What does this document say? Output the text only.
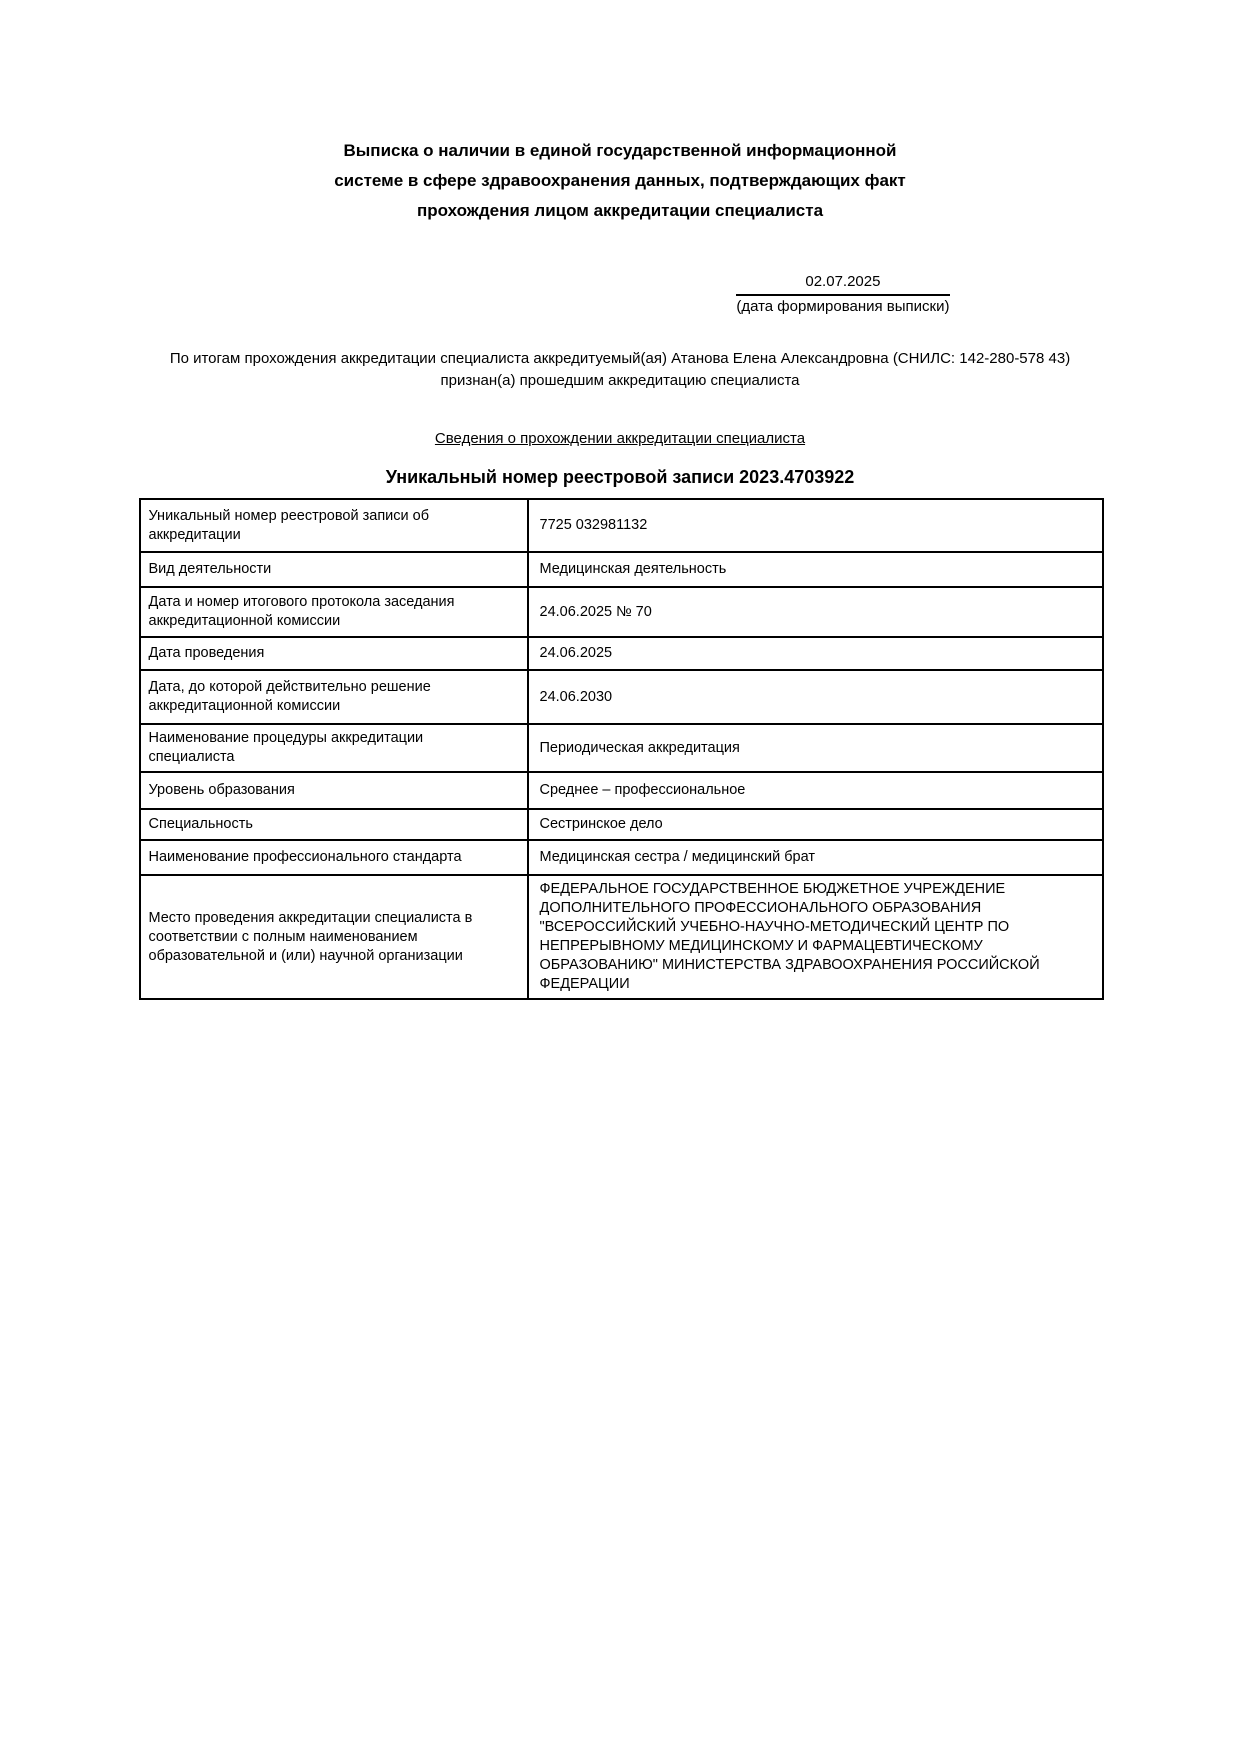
Выписка о наличии в единой государственной информационной
системе в сфере здравоохранения данных, подтверждающих факт
прохождения лицом аккредитации специалиста
02.07.2025
(дата формирования выписки)

По итогам прохождения аккредитации специалиста аккредитуемый(ая) Атанова Елена Александровна (СНИЛС: 142-280-578 43) признан(а) прошедшим аккредитацию специалиста

Сведения о прохождении аккредитации специалиста
Уникальный номер реестровой записи 2023.4703922
Уникальный номер реестровой записи об аккредитации	7725 032981132
Вид деятельности	Медицинская деятельность
Дата и номер итогового протокола заседания аккредитационной комиссии	24.06.2025 № 70
Дата проведения	24.06.2025
Дата, до которой действительно решение аккредитационной комиссии	24.06.2030
Наименование процедуры аккредитации специалиста	Периодическая аккредитация
Уровень образования	Среднее – профессиональное
Специальность	Сестринское дело
Наименование профессионального стандарта	Медицинская сестра / медицинский брат
Место проведения аккредитации специалиста в соответствии с полным наименованием образовательной и (или) научной организации	ФЕДЕРАЛЬНОЕ ГОСУДАРСТВЕННОЕ БЮДЖЕТНОЕ УЧРЕЖДЕНИЕ ДОПОЛНИТЕЛЬНОГО ПРОФЕССИОНАЛЬНОГО ОБРАЗОВАНИЯ "ВСЕРОССИЙСКИЙ УЧЕБНО-НАУЧНО-МЕТОДИЧЕСКИЙ ЦЕНТР ПО НЕПРЕРЫВНОМУ МЕДИЦИНСКОМУ И ФАРМАЦЕВТИЧЕСКОМУ ОБРАЗОВАНИЮ" МИНИСТЕРСТВА ЗДРАВООХРАНЕНИЯ РОССИЙСКОЙ ФЕДЕРАЦИИ
